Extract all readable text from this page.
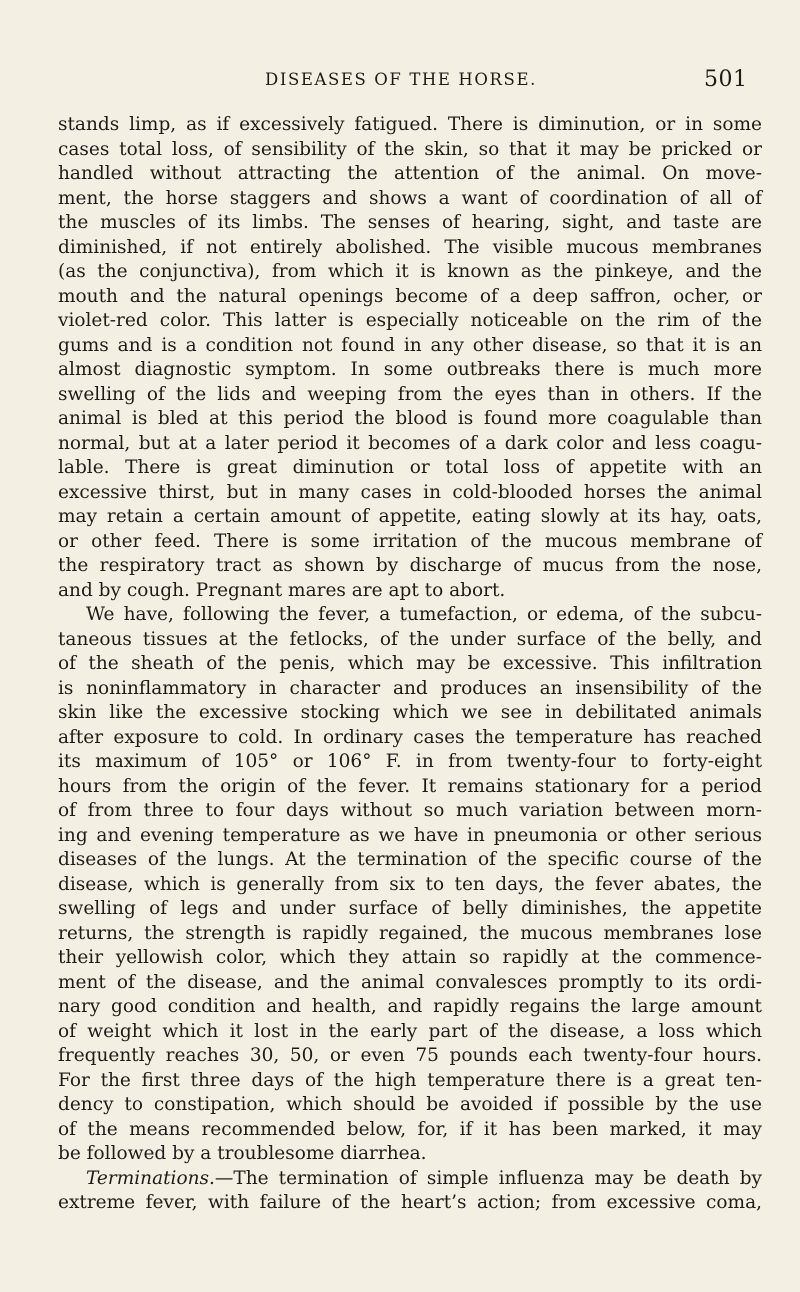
DISEASES OF THE HORSE.	501
stands limp, as if excessively fatigued. There is diminution, or in some
cases total loss, of sensibility of the skin, so that it may be pricked or
handled without attracting the attention of the animal. On move-
ment, the horse staggers and shows a want of coordination of all of
the muscles of its limbs. The senses of hearing, sight, and taste are
diminished, if not entirely abolished. The visible mucous membranes
(as the conjunctiva), from which it is known as the pinkeye, and the
mouth and the natural openings become of a deep saffron, ocher, or
violet-red color. This latter is especially noticeable on the rim of the
gums and is a condition not found in any other disease, so that it is an
almost diagnostic symptom. In some outbreaks there is much more
swelling of the lids and weeping from the eyes than in others. If the
animal is bled at this period the blood is found more coagulable than
normal, but at a later period it becomes of a dark color and less coagu-
lable. There is great diminution or total loss of appetite with an
excessive thirst, but in many cases in cold-blooded horses the animal
may retain a certain amount of appetite, eating slowly at its hay, oats,
or other feed. There is some irritation of the mucous membrane of
the respiratory tract as shown by discharge of mucus from the nose,
and by cough. Pregnant mares are apt to abort.
We have, following the fever, a tumefaction, or edema, of the subcu-
taneous tissues at the fetlocks, of the under surface of the belly, and
of the sheath of the penis, which may be excessive. This infiltration
is noninflammatory in character and produces an insensibility of the
skin like the excessive stocking which we see in debilitated animals
after exposure to cold. In ordinary cases the temperature has reached
its maximum of 105° or 106° F. in from twenty-four to forty-eight
hours from the origin of the fever. It remains stationary for a period
of from three to four days without so much variation between morn-
ing and evening temperature as we have in pneumonia or other serious
diseases of the lungs. At the termination of the specific course of the
disease, which is generally from six to ten days, the fever abates, the
swelling of legs and under surface of belly diminishes, the appetite
returns, the strength is rapidly regained, the mucous membranes lose
their yellowish color, which they attain so rapidly at the commence-
ment of the disease, and the animal convalesces promptly to its ordi-
nary good condition and health, and rapidly regains the large amount
of weight which it lost in the early part of the disease, a loss which
frequently reaches 30, 50, or even 75 pounds each twenty-four hours.
For the first three days of the high temperature there is a great ten-
dency to constipation, which should be avoided if possible by the use
of the means recommended below, for, if it has been marked, it may
be followed by a troublesome diarrhea.
Terminations.—The termination of simple influenza may be death by
extreme fever, with failure of the heart’s action; from excessive coma,
